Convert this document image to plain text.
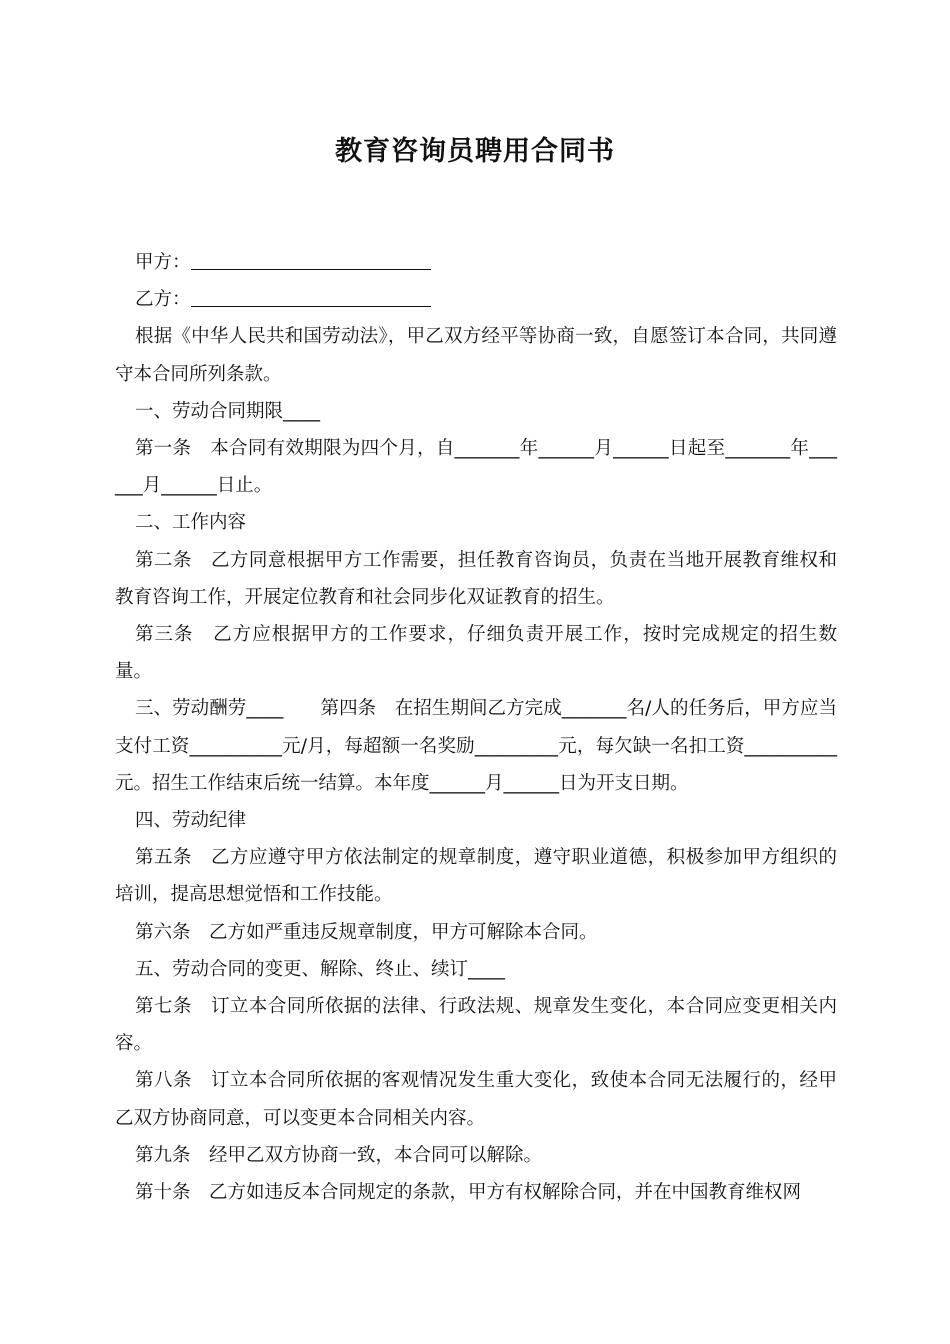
教育咨询员聘用合同书

甲方：

乙方：

根据《中华人民共和国劳动法》，甲乙双方经平等协商一致，自愿签订本合同，共同遵守本合同所列条款。

一、劳动合同期限____

第一条　本合同有效期限为四个月，自_______年______月______日起至_______年______月______日止。

二、工作内容

第二条　乙方同意根据甲方工作需要，担任教育咨询员，负责在当地开展教育维权和教育咨询工作，开展定位教育和社会同步化双证教育的招生。

第三条　乙方应根据甲方的工作要求，仔细负责开展工作，按时完成规定的招生数量。

三、劳动酬劳____　　第四条　在招生期间乙方完成_______名/人的任务后，甲方应当支付工资__________元/月，每超额一名奖励_________元，每欠缺一名扣工资__________元。招生工作结束后统一结算。本年度______月______日为开支日期。

四、劳动纪律

第五条　乙方应遵守甲方依法制定的规章制度，遵守职业道德，积极参加甲方组织的培训，提高思想觉悟和工作技能。

第六条　乙方如严重违反规章制度，甲方可解除本合同。

五、劳动合同的变更、解除、终止、续订____

第七条　订立本合同所依据的法律、行政法规、规章发生变化，本合同应变更相关内容。

第八条　订立本合同所依据的客观情况发生重大变化，致使本合同无法履行的，经甲乙双方协商同意，可以变更本合同相关内容。

第九条　经甲乙双方协商一致，本合同可以解除。

第十条　乙方如违反本合同规定的条款，甲方有权解除合同，并在中国教育维权网
